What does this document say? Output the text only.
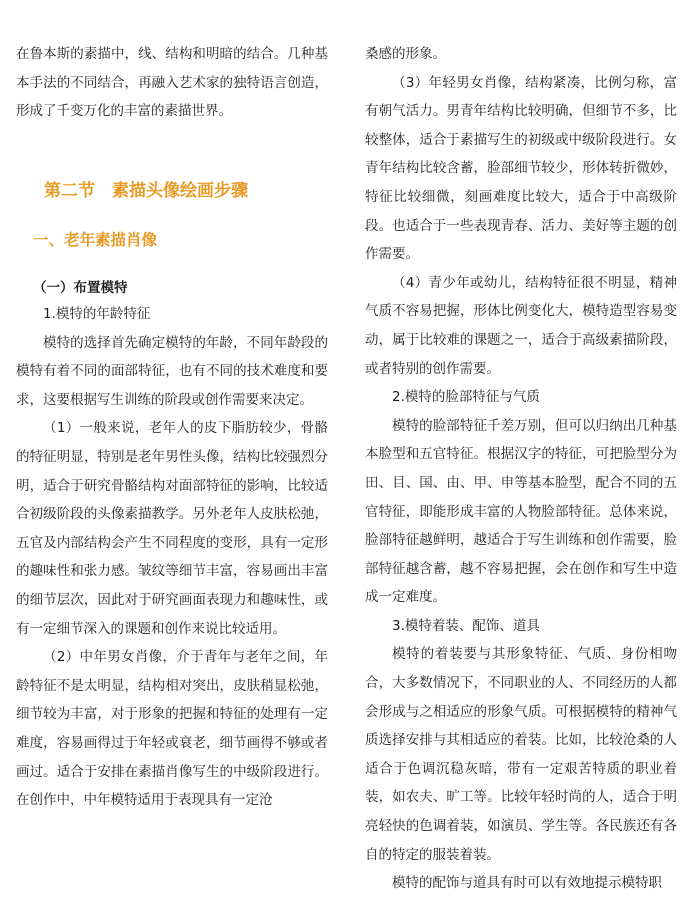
在鲁本斯的素描中，线、结构和明暗的结合。几种基本手法的不同结合，再融入艺术家的独特语言创造，形成了千变万化的丰富的素描世界。

第二节　素描头像绘画步骤
一、老年素描肖像
（一）布置模特

1.模特的年龄特征

模特的选择首先确定模特的年龄，不同年龄段的模特有着不同的面部特征，也有不同的技术难度和要求，这要根据写生训练的阶段或创作需要来决定。

（1）一般来说，老年人的皮下脂肪较少，骨骼的特征明显，特别是老年男性头像，结构比较强烈分明，适合于研究骨骼结构对面部特征的影响，比较适合初级阶段的头像素描教学。另外老年人皮肤松弛，五官及内部结构会产生不同程度的变形，具有一定形的趣味性和张力感。皱纹等细节丰富，容易画出丰富的细节层次，因此对于研究画面表现力和趣味性，或有一定细节深入的课题和创作来说比较适用。

（2）中年男女肖像，介于青年与老年之间，年龄特征不是太明显，结构相对突出，皮肤稍显松弛，细节较为丰富，对于形象的把握和特征的处理有一定难度，容易画得过于年轻或衰老，细节画得不够或者画过。适合于安排在素描肖像写生的中级阶段进行。在创作中，中年模特适用于表现具有一定沧

桑感的形象。

（3）年轻男女肖像，结构紧凑，比例匀称，富有朝气活力。男青年结构比较明确，但细节不多，比较整体，适合于素描写生的初级或中级阶段进行。女青年结构比较含蓄，脸部细节较少，形体转折微妙，特征比较细微，刻画难度比较大，适合于中高级阶段。也适合于一些表现青春、活力、美好等主题的创作需要。

（4）青少年或幼儿，结构特征很不明显，精神气质不容易把握，形体比例变化大，模特造型容易变动，属于比较难的课题之一，适合于高级素描阶段，或者特别的创作需要。

2.模特的脸部特征与气质

模特的脸部特征千差万别，但可以归纳出几种基本脸型和五官特征。根据汉字的特征，可把脸型分为田、目、国、由、甲、申等基本脸型，配合不同的五官特征，即能形成丰富的人物脸部特征。总体来说，脸部特征越鲜明，越适合于写生训练和创作需要，脸部特征越含蓄，越不容易把握，会在创作和写生中造成一定难度。

3.模特着装、配饰、道具

模特的着装要与其形象特征、气质、身份相吻合，大多数情况下，不同职业的人、不同经历的人都会形成与之相适应的形象气质。可根据模特的精神气质选择安排与其相适应的着装。比如，比较沧桑的人适合于色调沉稳灰暗，带有一定艰苦特质的职业着装，如农夫、旷工等。比较年轻时尚的人，适合于明亮轻快的色调着装，如演员、学生等。各民族还有各自的特定的服装着装。

模特的配饰与道具有时可以有效地提示模特职
